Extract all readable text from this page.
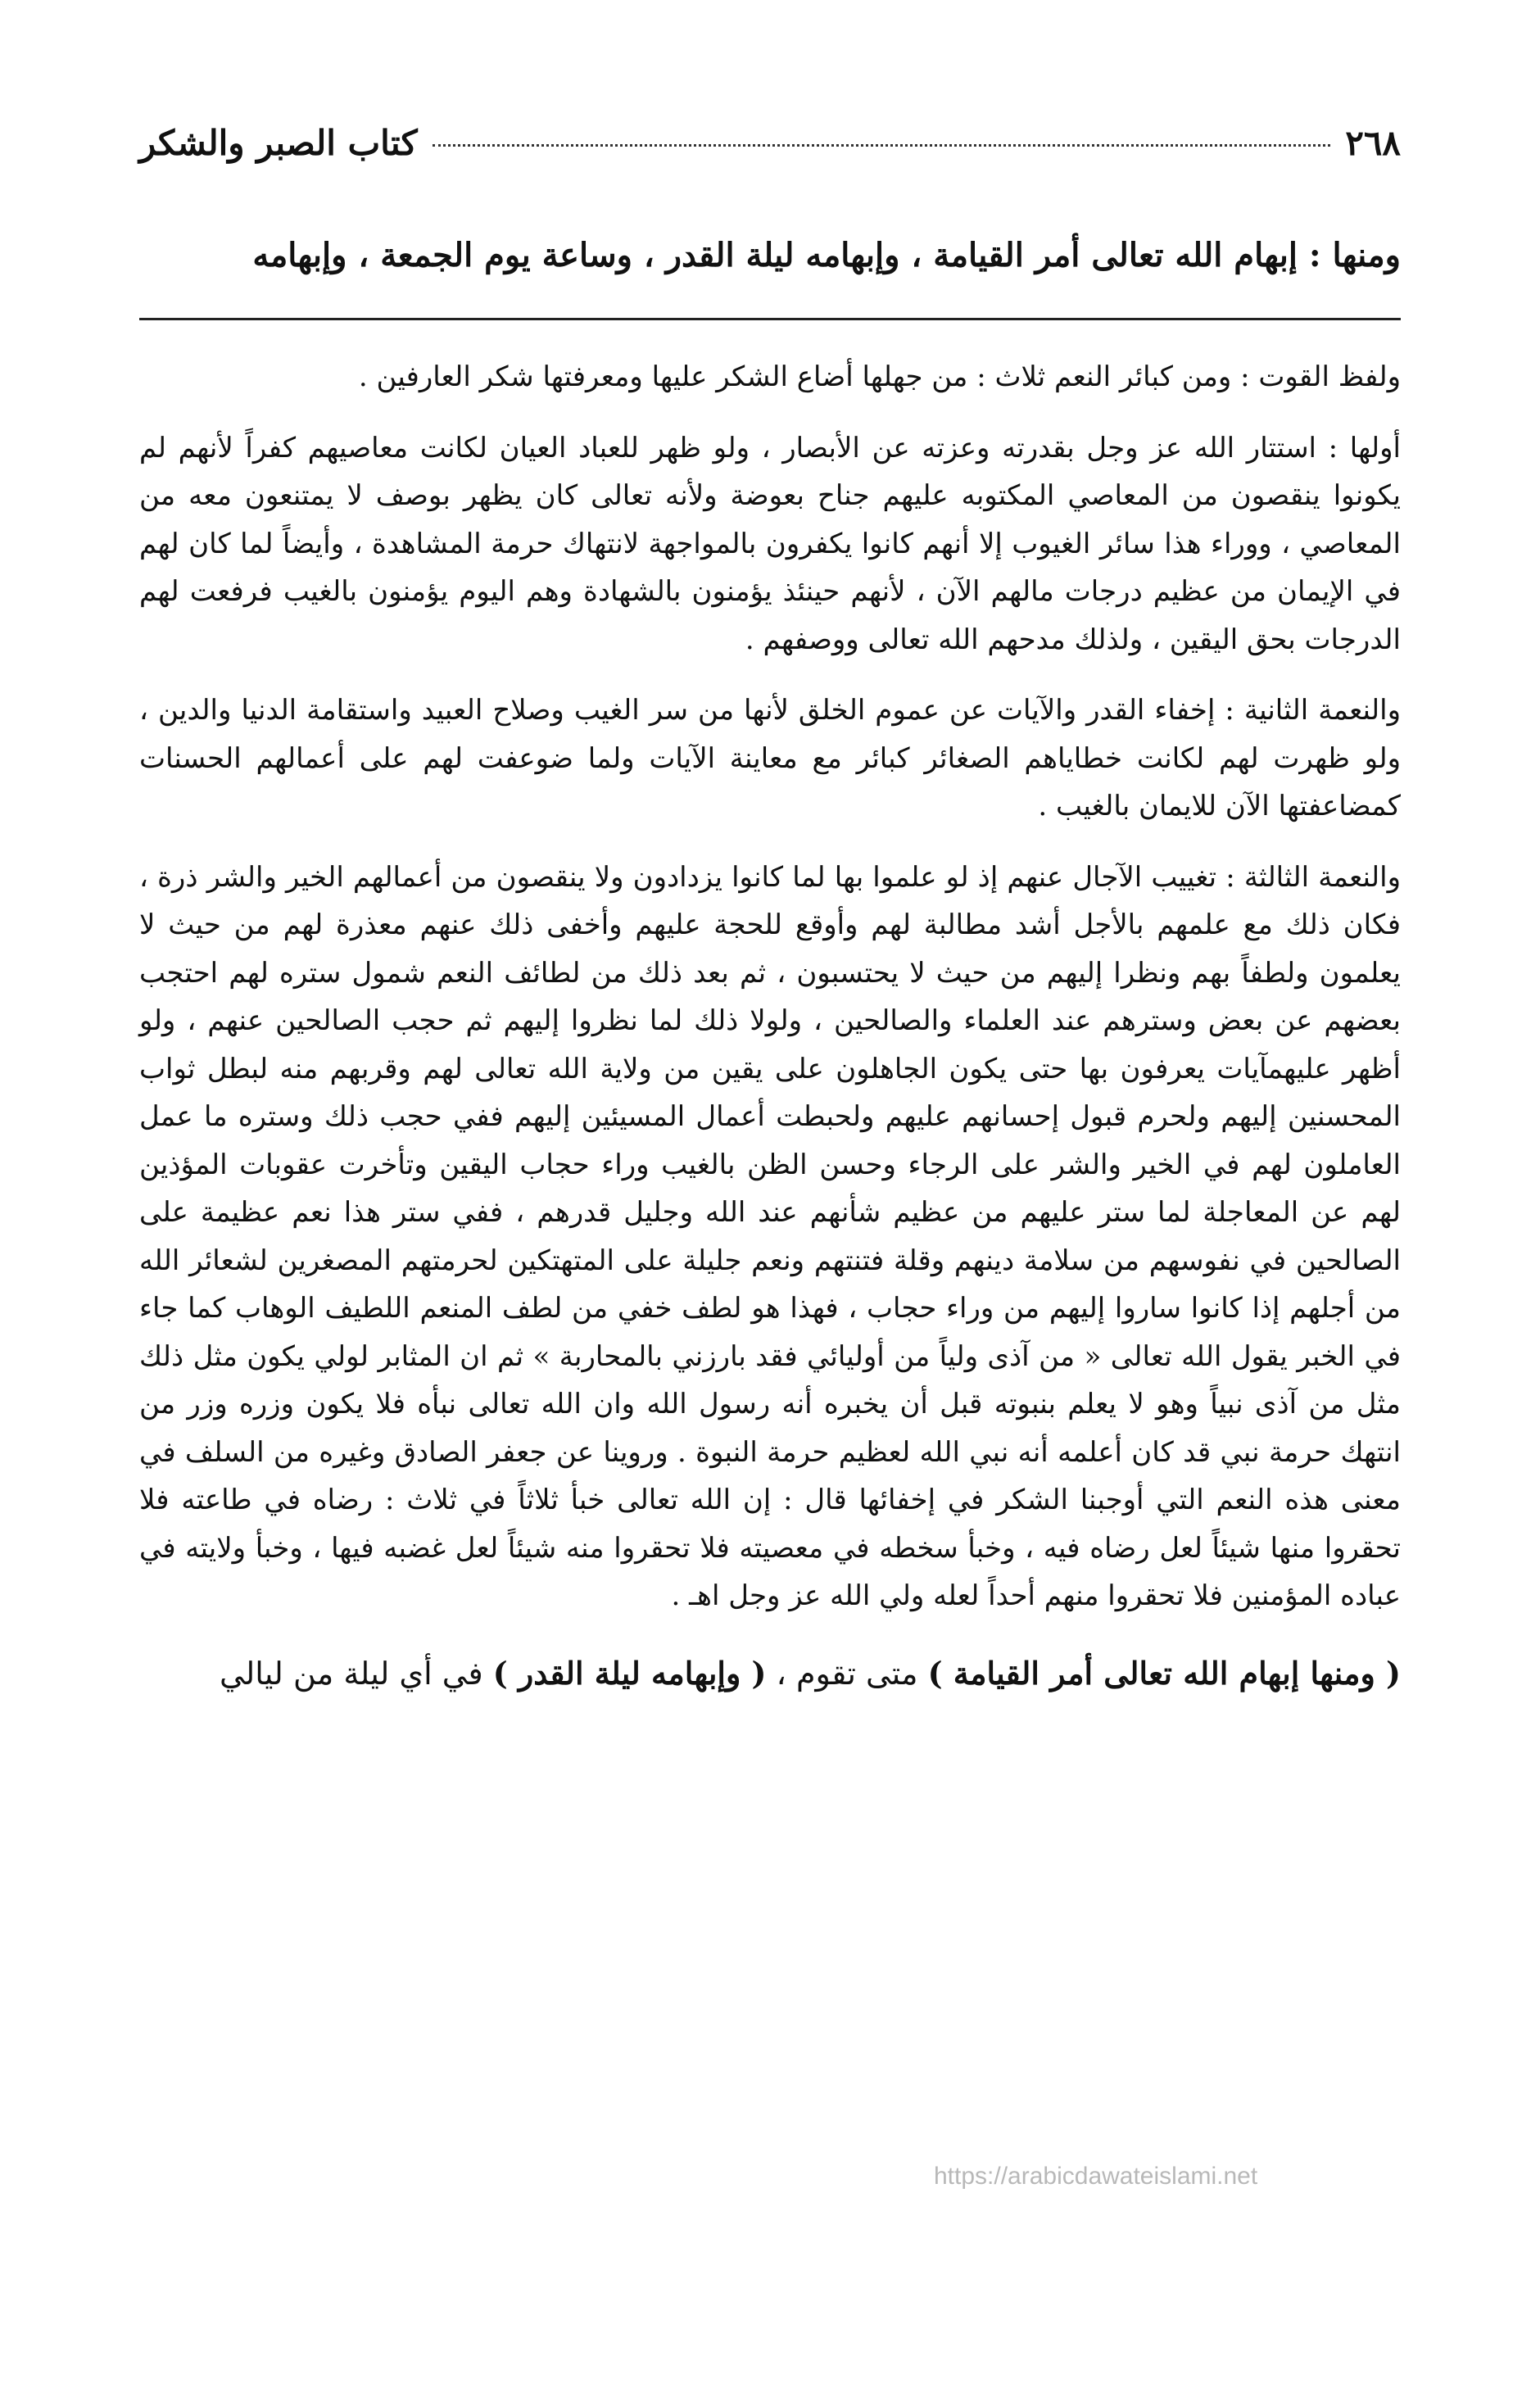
٢٦٨
كتاب الصبر والشكر
ومنها : إبهام الله تعالى أمر القيامة ، وإبهامه ليلة القدر ، وساعة يوم الجمعة ، وإبهامه

ولفظ القوت : ومن كبائر النعم ثلاث : من جهلها أضاع الشكر عليها ومعرفتها شكر العارفين .

أولها : استتار الله عز وجل بقدرته وعزته عن الأبصار ، ولو ظهر للعباد العيان لكانت معاصيهم كفراً لأنهم لم يكونوا ينقصون من المعاصي المكتوبه عليهم جناح بعوضة ولأنه تعالى كان يظهر بوصف لا يمتنعون معه من المعاصي ، ووراء هذا سائر الغيوب إلا أنهم كانوا يكفرون بالمواجهة لانتهاك حرمة المشاهدة ، وأيضاً لما كان لهم في الإيمان من عظيم درجات مالهم الآن ، لأنهم حينئذ يؤمنون بالشهادة وهم اليوم يؤمنون بالغيب فرفعت لهم الدرجات بحق اليقين ، ولذلك مدحهم الله تعالى ووصفهم .

والنعمة الثانية : إخفاء القدر والآيات عن عموم الخلق لأنها من سر الغيب وصلاح العبيد واستقامة الدنيا والدين ، ولو ظهرت لهم لكانت خطاياهم الصغائر كبائر مع معاينة الآيات ولما ضوعفت لهم على أعمالهم الحسنات كمضاعفتها الآن للايمان بالغيب .

والنعمة الثالثة : تغييب الآجال عنهم إذ لو علموا بها لما كانوا يزدادون ولا ينقصون من أعمالهم الخير والشر ذرة ، فكان ذلك مع علمهم بالأجل أشد مطالبة لهم وأوقع للحجة عليهم وأخفى ذلك عنهم معذرة لهم من حيث لا يعلمون ولطفاً بهم ونظرا إليهم من حيث لا يحتسبون ، ثم بعد ذلك من لطائف النعم شمول ستره لهم احتجب بعضهم عن بعض وسترهم عند العلماء والصالحين ، ولولا ذلك لما نظروا إليهم ثم حجب الصالحين عنهم ، ولو أظهر عليهمآيات يعرفون بها حتى يكون الجاهلون على يقين من ولاية الله تعالى لهم وقربهم منه لبطل ثواب المحسنين إليهم ولحرم قبول إحسانهم عليهم ولحبطت أعمال المسيئين إليهم ففي حجب ذلك وستره ما عمل العاملون لهم في الخير والشر على الرجاء وحسن الظن بالغيب وراء حجاب اليقين وتأخرت عقوبات المؤذين لهم عن المعاجلة لما ستر عليهم من عظيم شأنهم عند الله وجليل قدرهم ، ففي ستر هذا نعم عظيمة على الصالحين في نفوسهم من سلامة دينهم وقلة فتنتهم ونعم جليلة على المتهتكين لحرمتهم المصغرين لشعائر الله من أجلهم إذا كانوا ساروا إليهم من وراء حجاب ، فهذا هو لطف خفي من لطف المنعم اللطيف الوهاب كما جاء في الخبر يقول الله تعالى « من آذى ولياً من أوليائي فقد بارزني بالمحاربة » ثم ان المثابر لولي يكون مثل ذلك مثل من آذى نبياً وهو لا يعلم بنبوته قبل أن يخبره أنه رسول الله وان الله تعالى نبأه فلا يكون وزره وزر من انتهك حرمة نبي قد كان أعلمه أنه نبي الله لعظيم حرمة النبوة . وروينا عن جعفر الصادق وغيره من السلف في معنى هذه النعم التي أوجبنا الشكر في إخفائها قال : إن الله تعالى خبأ ثلاثاً في ثلاث : رضاه في طاعته فلا تحقروا منها شيئاً لعل رضاه فيه ، وخبأ سخطه في معصيته فلا تحقروا منه شيئاً لعل غضبه فيها ، وخبأ ولايته في عباده المؤمنين فلا تحقروا منهم أحداً لعله ولي الله عز وجل اهـ .

( ومنها إبهام الله تعالى أمر القيامة ) متى تقوم ، ( وإبهامه ليلة القدر ) في أي ليلة من ليالي
https://arabicdawateislami.net
